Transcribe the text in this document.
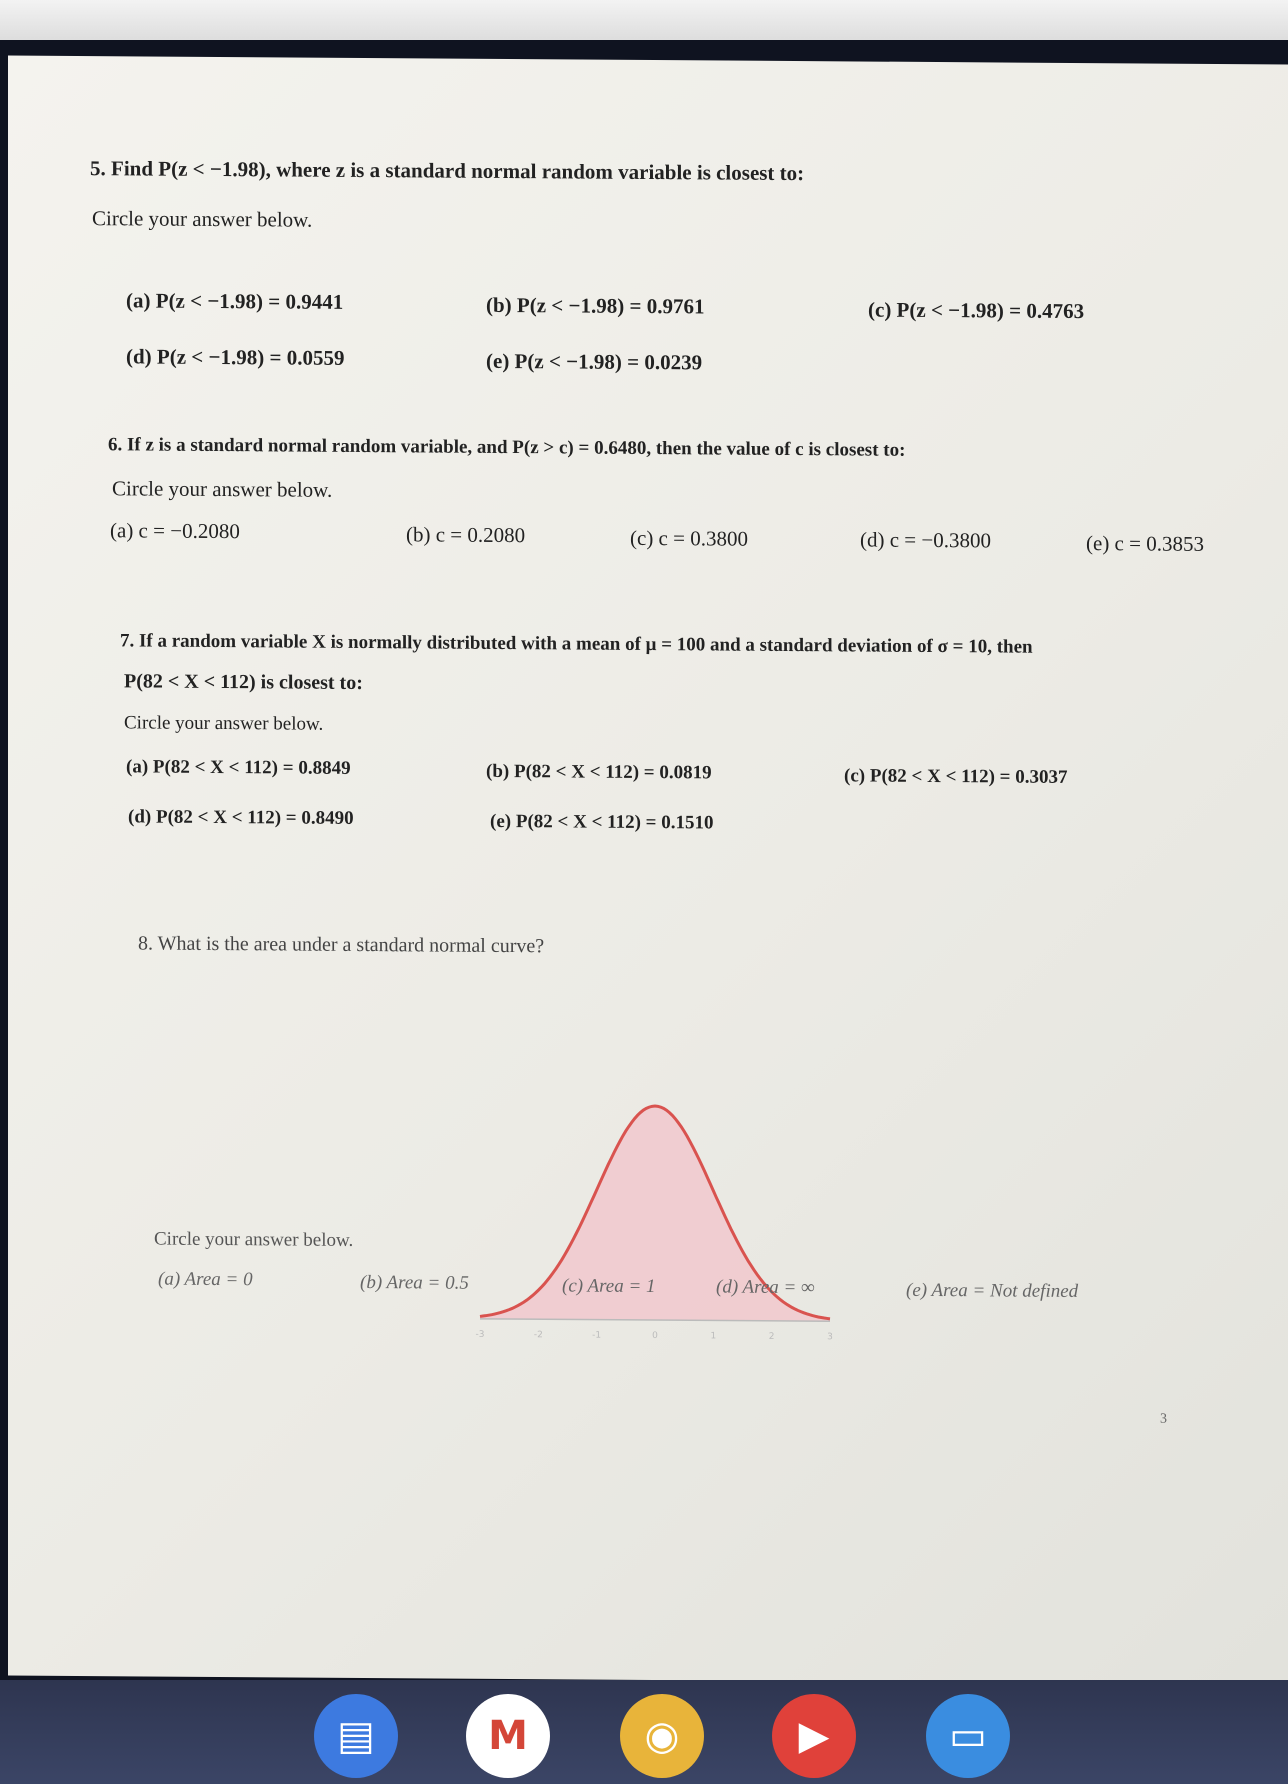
5. Find P(z < −1.98), where z is a standard normal random variable is closest to:
Circle your answer below.
(a) P(z < −1.98) = 0.9441	(b) P(z < −1.98) = 0.9761	(c) P(z < −1.98) = 0.4763
(d) P(z < −1.98) = 0.0559	(e) P(z < −1.98) = 0.0239
6. If z is a standard normal random variable, and P(z > c) = 0.6480, then the value of c is closest to:
Circle your answer below.
(a) c = −0.2080	(b) c = 0.2080	(c) c = 0.3800	(d) c = −0.3800	(e) c = 0.3853
7. If a random variable X is normally distributed with a mean of μ = 100 and a standard deviation of σ = 10, then
P(82 < X < 112) is closest to:
Circle your answer below.
(a) P(82 < X < 112) = 0.8849	(b) P(82 < X < 112) = 0.0819	(c) P(82 < X < 112) = 0.3037
(d) P(82 < X < 112) = 0.8490	(e) P(82 < X < 112) = 0.1510
8. What is the area under a standard normal curve?
-3	-2	-1	0	1	2	3
Circle your answer below.
(a) Area = 0	(b) Area = 0.5	(c) Area = 1	(d) Area = ∞	(e) Area = Not defined
3
▤	M	◉	▶	▭
